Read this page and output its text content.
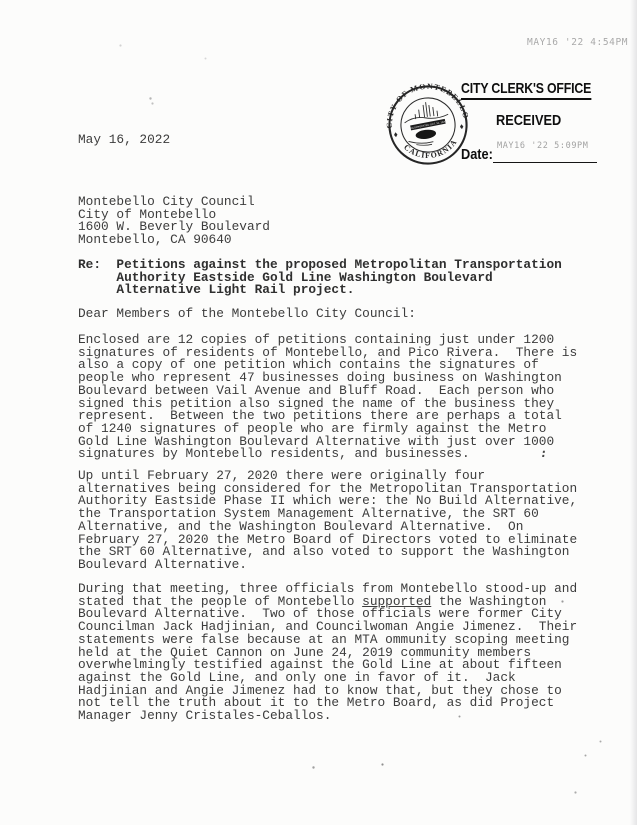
MAY16 '22 4:54PM
CITY OF MONTEBELLO
CALIFORNIA
INCORPORATED OCT. 16, 1920
CITY CLERK'S OFFICE
RECEIVED
Date: MAY16 '22 5:09PM
May 16, 2022
Montebello City Council
City of Montebello
1600 W. Beverly Boulevard
Montebello, CA 90640
Re:  Petitions against the proposed Metropolitan Transportation
Authority Eastside Gold Line Washington Boulevard
Alternative Light Rail project.
Dear Members of the Montebello City Council:
Enclosed are 12 copies of petitions containing just under 1200
signatures of residents of Montebello, and Pico Rivera.  There is
also a copy of one petition which contains the signatures of
people who represent 47 businesses doing business on Washington
Boulevard between Vail Avenue and Bluff Road.  Each person who
signed this petition also signed the name of the business they
represent.  Between the two petitions there are perhaps a total
of 1240 signatures of people who are firmly against the Metro
Gold Line Washington Boulevard Alternative with just over 1000
signatures by Montebello residents, and businesses.
Up until February 27, 2020 there were originally four
alternatives being considered for the Metropolitan Transportation
Authority Eastside Phase II which were: the No Build Alternative,
the Transportation System Management Alternative, the SRT 60
Alternative, and the Washington Boulevard Alternative.  On
February 27, 2020 the Metro Board of Directors voted to eliminate
the SRT 60 Alternative, and also voted to support the Washington
Boulevard Alternative.
During that meeting, three officials from Montebello stood-up and
stated that the people of Montebello supported the Washington
Boulevard Alternative.  Two of those officials were former City
Councilman Jack Hadjinian, and Councilwoman Angie Jimenez.  Their
statements were false because at an MTA ommunity scoping meeting
held at the Quiet Cannon on June 24, 2019 community members
overwhelmingly testified against the Gold Line at about fifteen
against the Gold Line, and only one in favor of it.  Jack
Hadjinian and Angie Jimenez had to know that, but they chose to
not tell the truth about it to the Metro Board, as did Project
Manager Jenny Cristales-Ceballos.
:
